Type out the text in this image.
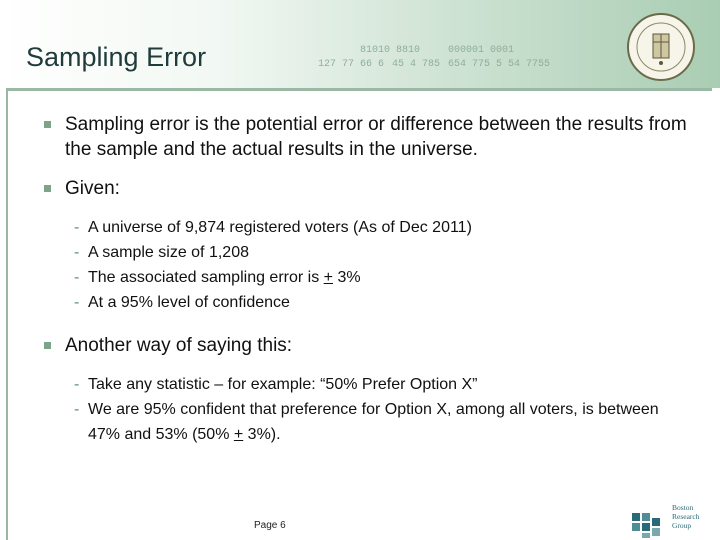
81010 8810	000001 0001
127 77 66 6 45 4 785 654 775 5 54 7755
Sampling Error
Sampling error is the potential error or difference between the results from the sample and the actual results in the universe.
Given:
- A universe of 9,874 registered voters (As of Dec 2011)
- A sample size of 1,208
- The associated sampling error is + 3%
- At a 95% level of confidence
Another way of saying this:
- Take any statistic – for example: “50% Prefer Option X”
- We are 95% confident that preference for Option X, among all voters, is between 47% and 53% (50% + 3%).
Page 6
Boston
Research
Group
